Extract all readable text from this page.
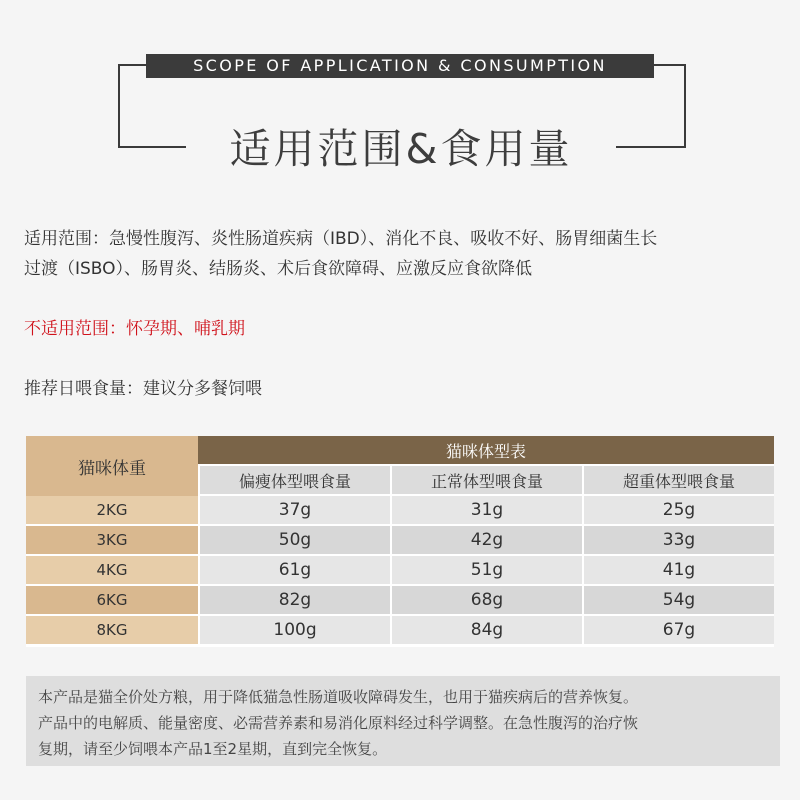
SCOPE OF APPLICATION & CONSUMPTION
适用范围&食用量

适用范围：急慢性腹泻、炎性肠道疾病（IBD）、消化不良、吸收不好、肠胃细菌生长

过渡（ISBO）、肠胃炎、结肠炎、术后食欲障碍、应激反应食欲降低

不适用范围：怀孕期、哺乳期
推荐日喂食量：建议分多餐饲喂
猫咪体重
猫咪体型表
偏瘦体型喂食量	正常体型喂食量	超重体型喂食量
2KG	37g	31g	25g
3KG	50g	42g	33g
4KG	61g	51g	41g
6KG	82g	68g	54g
8KG	100g	84g	67g

本产品是猫全价处方粮，用于降低猫急性肠道吸收障碍发生，也用于猫疾病后的营养恢复。

产品中的电解质、能量密度、必需营养素和易消化原料经过科学调整。在急性腹泻的治疗恢

复期，请至少饲喂本产品1至2星期，直到完全恢复。
